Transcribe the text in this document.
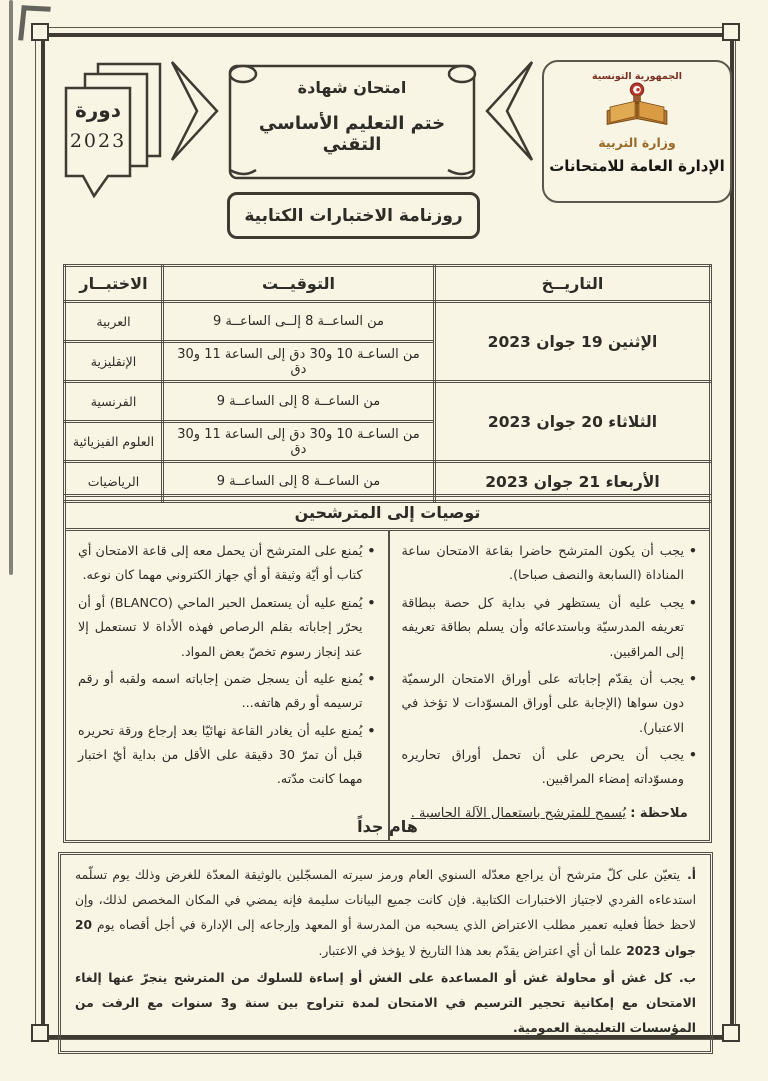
دورة
2023
امتحان شهادة
ختم التعليم الأساسي التقني
الجمهورية التونسية
وزارة التربية
الإدارة العامة للامتحانات
روزنامة الاختبارات الكتابية
التاريــخ	التوقيــت	الاختبــار
الإثنين 19 جوان 2023	من الساعــة 8 إلــى الساعــة 9	العربية
	من الساعـة 10 و30 دق إلى الساعة 11 و30 دق	الإنقليزية
الثلاثاء 20 جوان 2023	من الساعــة 8 إلى الساعــة 9	الفرنسية
	من الساعـة 10 و30 دق إلى الساعة 11 و30 دق	العلوم الفيزيائية
الأربعاء 21 جوان 2023	من الساعــة 8 إلى الساعــة 9	الرياضيات
توصيات إلى المترشحين
• يجب أن يكون المترشح حاضرا بقاعة الامتحان ساعة المناداة (السابعة والنصف صباحا).
• يجب عليه أن يستظهر في بداية كل حصة ببطاقة تعريفه المدرسيّة وباستدعائه وأن يسلم بطاقة تعريفه إلى المراقبين.
• يجب أن يقدّم إجاباته على أوراق الامتحان الرسميّة دون سواها (الإجابة على أوراق المسوّدات لا تؤخذ في الاعتبار).
• يجب أن يحرص على أن تحمل أوراق تحاريره ومسوّداته إمضاء المراقبين.
ملاحظة : يُسمح للمترشح باستعمال الآلة الحاسبة .
• يُمنع على المترشح أن يحمل معه إلى قاعة الامتحان أي كتاب أو أيّة وثيقة أو أي جهاز الكتروني مهما كان نوعه.
• يُمنع عليه أن يستعمل الحبر الماحي (BLANCO) أو أن يحرّر إجاباته بقلم الرصاص فهذه الأداة لا تستعمل إلا عند إنجاز رسوم تخصّ بعض المواد.
• يُمنع عليه أن يسجل ضمن إجاباته اسمه ولقبه أو رقم ترسيمه أو رقم هاتفه...
• يُمنع عليه أن يغادر القاعة نهائيّا بعد إرجاع ورقة تحريره قبل أن تمرّ 30 دقيقة على الأقل من بداية أيّ اختبار مهما كانت مدّته.
هام جداً
أ.يتعيّن على كلّ مترشح أن يراجع معدّله السنوي العام ورمز سيرته المسجّلين بالوثيقة المعدّة للغرض وذلك يوم تسلّمه استدعاءه الفردي لاجتياز الاختبارات الكتابية. فإن كانت جميع البيانات سليمة فإنه يمضي في المكان المخصص لذلك، وإن لاحظ خطأ فعليه تعمير مطلب الاعتراض الذي يسحبه من المدرسة أو المعهد وإرجاعه إلى الإدارة في أجل أقصاه يوم 20 جوان 2023 علما أن أي اعتراض يقدّم بعد هذا التاريخ لا يؤخذ في الاعتبار.
ب.كل غش أو محاولة غش أو المساعدة على الغش أو إساءة للسلوك من المترشح ينجرّ عنها إلغاء الامتحان مع إمكانية تحجير الترسيم في الامتحان لمدة تتراوح بين سنة و3 سنوات مع الرفت من المؤسسات التعليمية العمومية.
